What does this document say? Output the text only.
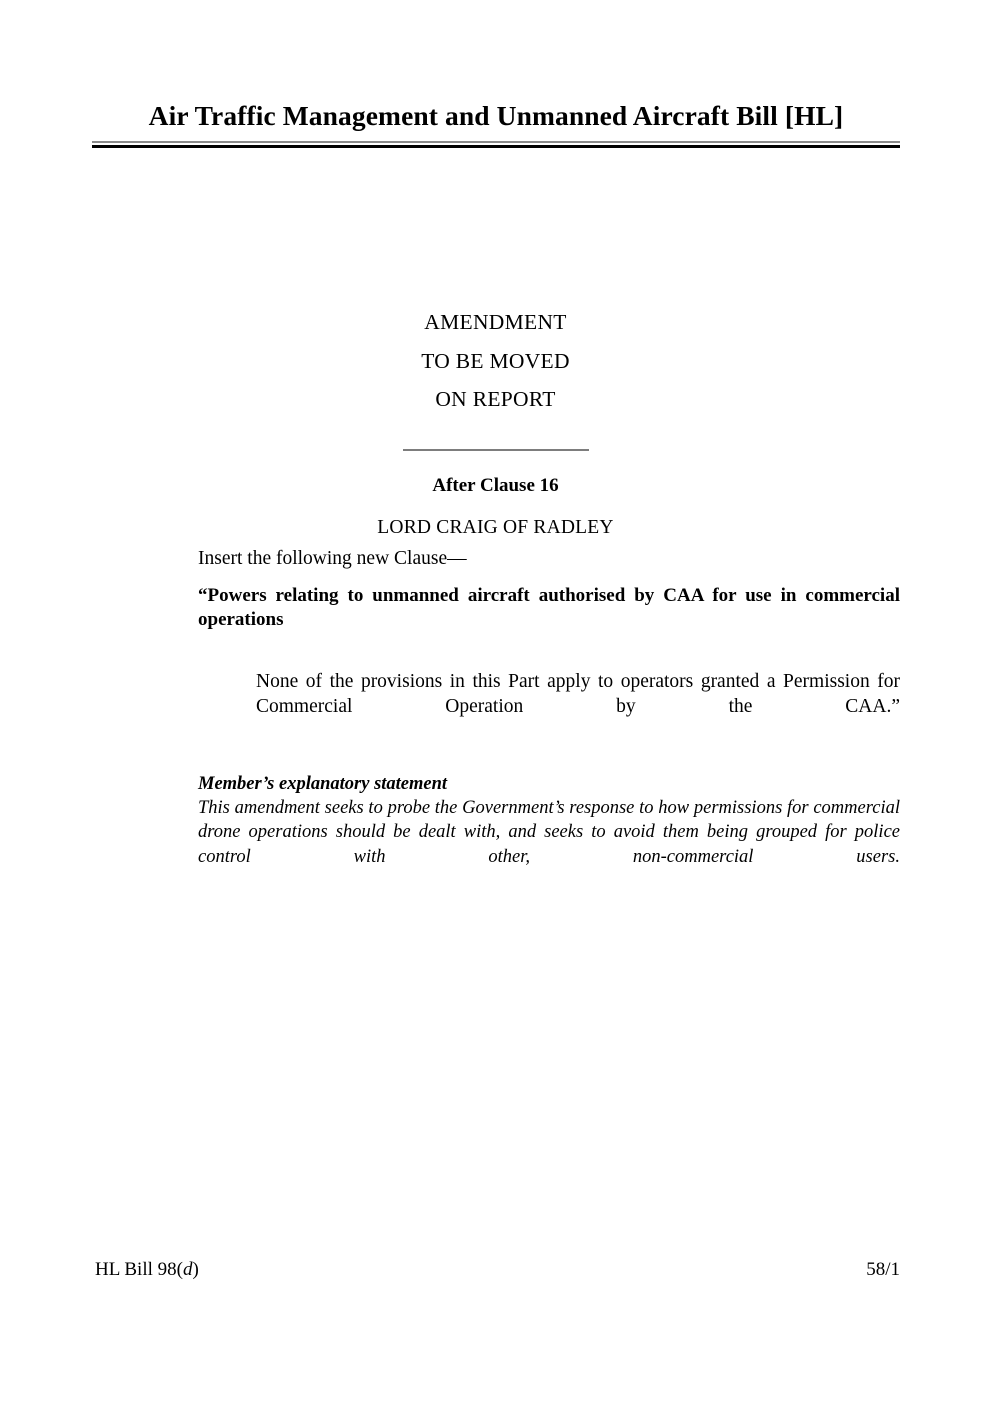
Air Traffic Management and Unmanned Aircraft Bill [HL]
AMENDMENT
TO BE MOVED
ON REPORT
After Clause 16
LORD CRAIG OF RADLEY
Insert the following new Clause—
“Powers relating to unmanned aircraft authorised by CAA for use in commercial operations
None of the provisions in this Part apply to operators granted a Permission for Commercial Operation by the CAA.”
Member’s explanatory statement
This amendment seeks to probe the Government’s response to how permissions for commercial drone operations should be dealt with, and seeks to avoid them being grouped for police control with other, non-commercial users.
HL Bill 98(d)	58/1
